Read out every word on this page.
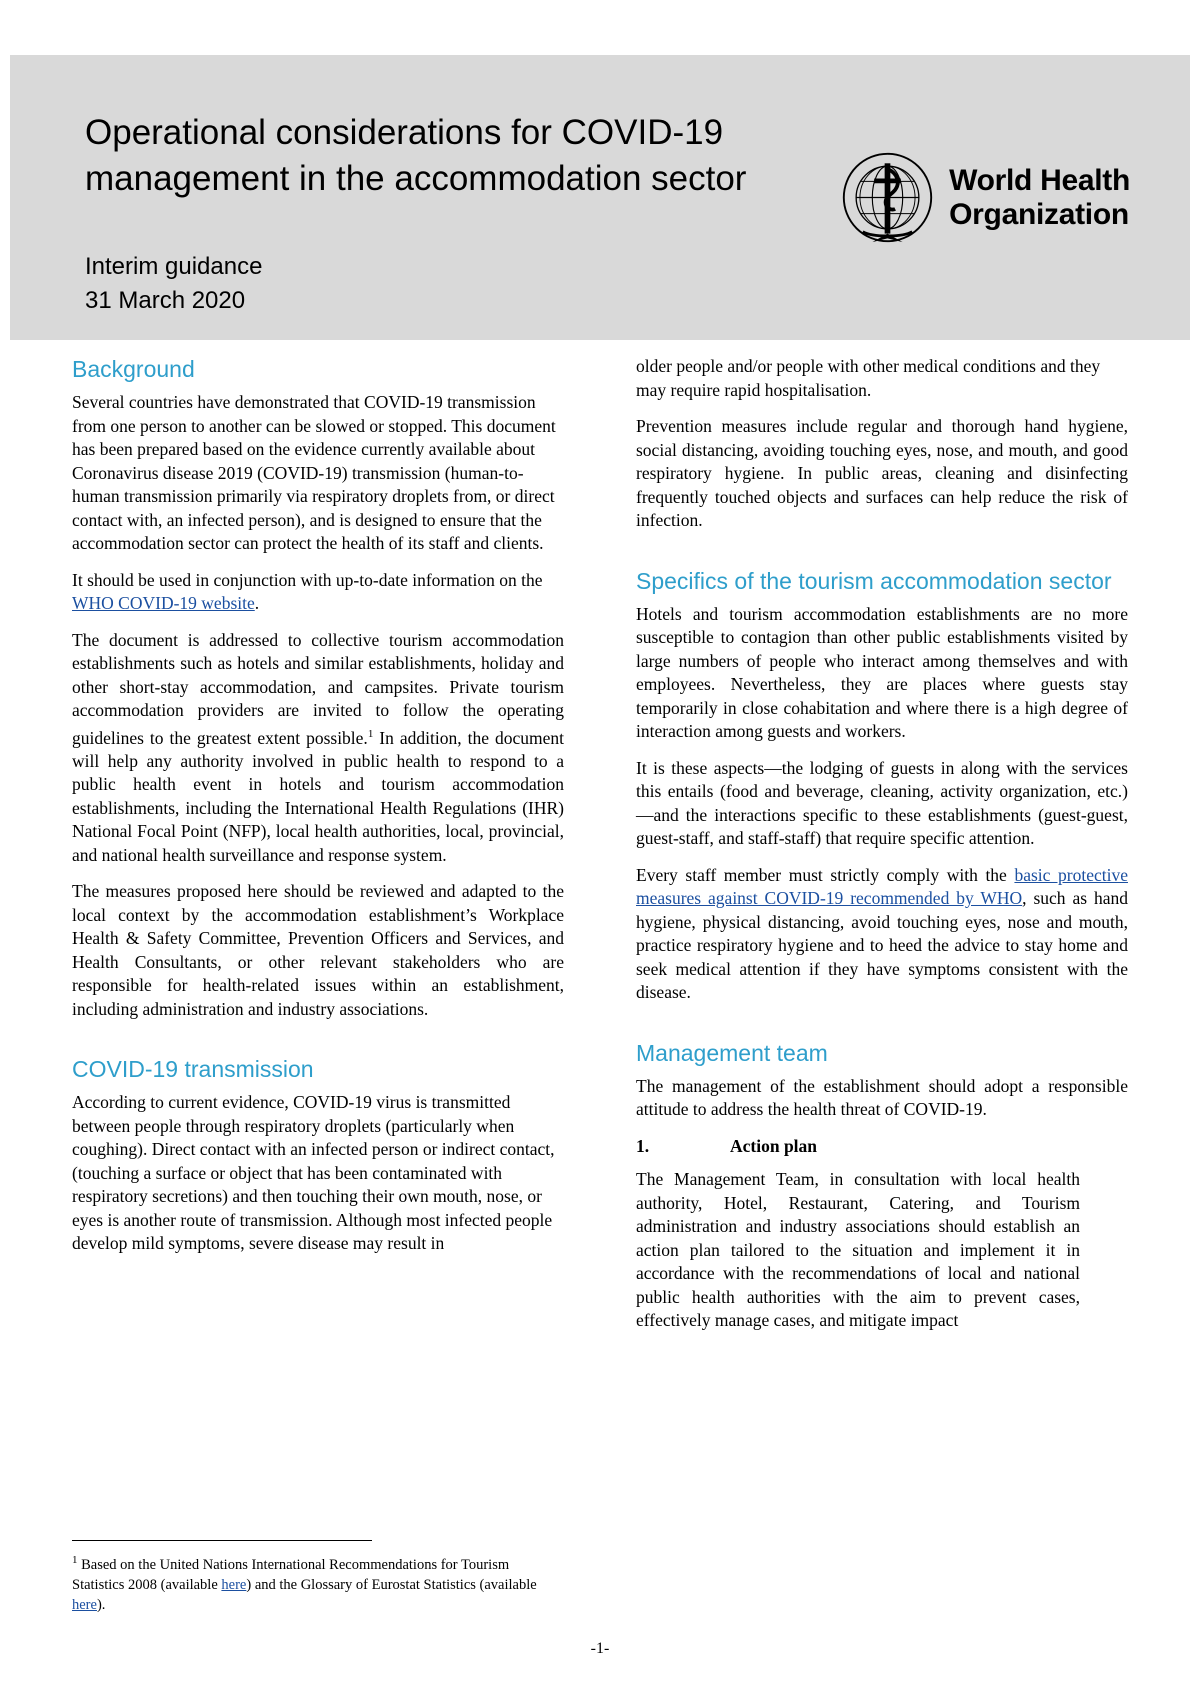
Operational considerations for COVID-19 management in the accommodation sector
Interim guidance
31 March 2020
World Health
Organization
Background

Several countries have demonstrated that COVID-19 transmission from one person to another can be slowed or stopped. This document has been prepared based on the evidence currently available about Coronavirus disease 2019 (COVID-19) transmission (human-to-human transmission primarily via respiratory droplets from, or direct contact with, an infected person), and is designed to ensure that the accommodation sector can protect the health of its staff and clients.

It should be used in conjunction with up-to-date information on the WHO COVID-19 website.

The document is addressed to collective tourism accommodation establishments such as hotels and similar establishments, holiday and other short-stay accommodation, and campsites. Private tourism accommodation providers are invited to follow the operating guidelines to the greatest extent possible.$^1$ In addition, the document will help any authority involved in public health to respond to a public health event in hotels and tourism accommodation establishments, including the International Health Regulations (IHR) National Focal Point (NFP), local health authorities, local, provincial, and national health surveillance and response system.

The measures proposed here should be reviewed and adapted to the local context by the accommodation establishment’s Workplace Health & Safety Committee, Prevention Officers and Services, and Health Consultants, or other relevant stakeholders who are responsible for health-related issues within an establishment, including administration and industry associations.

COVID-19 transmission

According to current evidence, COVID-19 virus is transmitted between people through respiratory droplets (particularly when coughing). Direct contact with an infected person or indirect contact, (touching a surface or object that has been contaminated with respiratory secretions) and then touching their own mouth, nose, or eyes is another route of transmission. Although most infected people develop mild symptoms, severe disease may result in

older people and/or people with other medical conditions and they may require rapid hospitalisation.

Prevention measures include regular and thorough hand hygiene, social distancing, avoiding touching eyes, nose, and mouth, and good respiratory hygiene. In public areas, cleaning and disinfecting frequently touched objects and surfaces can help reduce the risk of infection.

Specifics of the tourism accommodation sector

Hotels and tourism accommodation establishments are no more susceptible to contagion than other public establishments visited by large numbers of people who interact among themselves and with employees. Nevertheless, they are places where guests stay temporarily in close cohabitation and where there is a high degree of interaction among guests and workers.

It is these aspects—the lodging of guests in along with the services this entails (food and beverage, cleaning, activity organization, etc.)—and the interactions specific to these establishments (guest-guest, guest-staff, and staff-staff) that require specific attention.

Every staff member must strictly comply with the basic protective measures against COVID-19 recommended by WHO, such as hand hygiene, physical distancing, avoid touching eyes, nose and mouth, practice respiratory hygiene and to heed the advice to stay home and seek medical attention if they have symptoms consistent with the disease.

Management team

The management of the establishment should adopt a responsible attitude to address the health threat of COVID-19.

1.	Action plan

The Management Team, in consultation with local health authority, Hotel, Restaurant, Catering, and Tourism administration and industry associations should establish an action plan tailored to the situation and implement it in accordance with the recommendations of local and national public health authorities with the aim to prevent cases, effectively manage cases, and mitigate impact

$^1$ Based on the United Nations International Recommendations for Tourism Statistics 2008 (available here) and the Glossary of Eurostat Statistics (available here).
-1-
